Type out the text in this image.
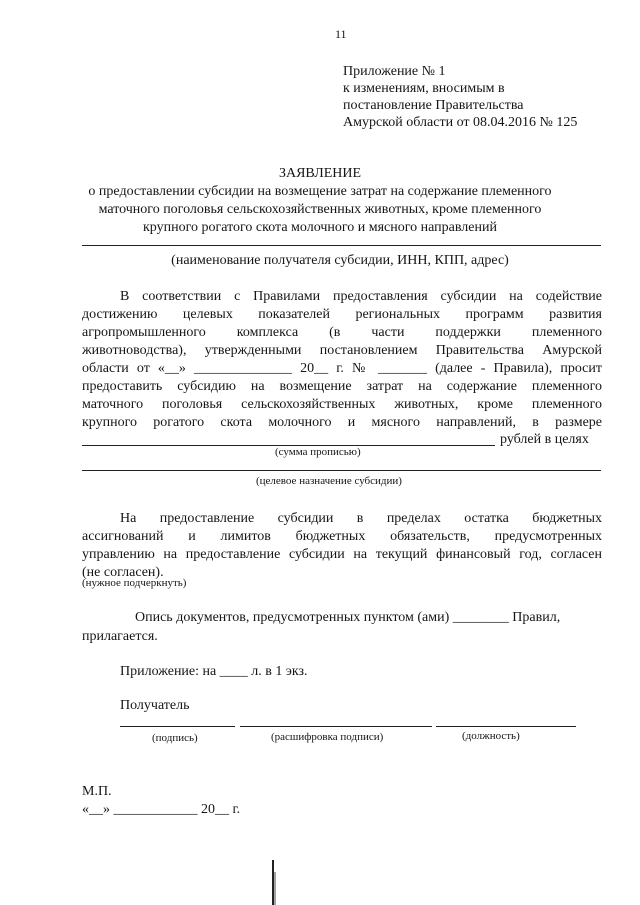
11
Приложение № 1
к изменениям, вносимым в
постановление Правительства
Амурской области от 08.04.2016 № 125
ЗАЯВЛЕНИЕ
о предоставлении субсидии на возмещение затрат на содержание племенного
маточного поголовья сельскохозяйственных животных, кроме племенного
крупного рогатого скота молочного и мясного направлений
(наименование получателя субсидии, ИНН, КПП, адрес)
В соответствии с Правилами предоставления субсидии на содействие
достижению целевых показателей региональных программ развития
агропромышленного комплекса (в части поддержки племенного
животноводства), утвержденными постановлением Правительства Амурской
области от «__» ______________ 20__ г. № _______ (далее - Правила), просит
предоставить субсидию на возмещение затрат на содержание племенного
маточного поголовья сельскохозяйственных животных, кроме племенного
крупного рогатого скота молочного и мясного направлений, в размере
рублей в целях
(сумма прописью)
(целевое назначение субсидии)
На предоставление субсидии в пределах остатка бюджетных
ассигнований и лимитов бюджетных обязательств, предусмотренных
управлению на предоставление субсидии на текущий финансовый год, согласен
(не согласен).
(нужное подчеркнуть)
Опись документов, предусмотренных пунктом (ами) ________ Правил,
прилагается.
Приложение: на ____ л. в 1 экз.
Получатель
(подпись)	(расшифровка подписи)	(должность)
М.П.
«__» ____________ 20__ г.
